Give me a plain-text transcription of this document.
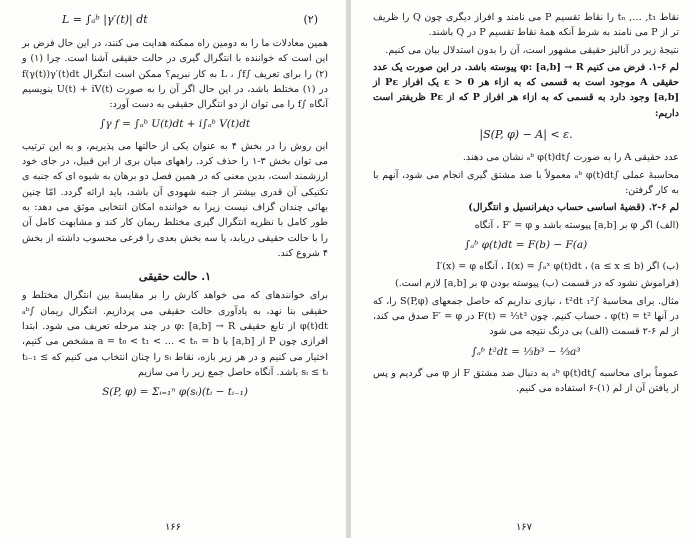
L = ∫ₐᵇ |γ′(t)| dt	(۲)

همین معادلات ما را به دومین راه ممکنه هدایت می کنند، در این حال فرض بر این است که خواننده با انتگرال گیری در حالت حقیقی آشنا است. چرا (۱) و (۲) را برای تعریف ∫L ، ∫f به کار نبریم؟ ممکن است انتگرال f(γ(t))γ′(t)dt در (۱) مختلط باشد، در این حال اگر آن را به صورت U(t) + iV(t) بنویسیم آنگاه ∫f را می توان از دو انتگرال حقیقی به دست آورد:

∫γ f = ∫ₐᵇ U(t)dt + i∫ₐᵇ V(t)dt

این روش را در بخش ۴ به عنوان یکی از حالتها می پذیریم، و به این ترتیب می توان بخش ۳-۱ را حذف کرد. راههای میان بری از این قبیل، در جای خود ارزشمند است، بدین معنی که در همین فصل دو برهان به شیوه ای که جنبه ی تکنیکی آن قدری بیشتر از جنبه شهودی آن باشد، باید ارائه گردد. امّا چنین بهائی چندان گزاف نیست زیرا به خواننده امکان انتخابی موثق می دهد: به طور کامل با نظریه انتگرال گیری مختلط ریمان کار کند و مشابهت کامل آن را با حالت حقیقی دریابد، یا سه بخش بعدی را فرعی محسوب داشته از بخش ۴ شروع کند.

۱. حالت حقیقی

برای خوانندهای که می خواهد کارش را بر مقایسهٔ بین انتگرال مختلط و حقیقی بنا نهد، به یادآوری حالت حقیقی می پردازیم. انتگرال ریمان ∫ₐᵇ φ(t)dt از تابع حقیقی φ: [a,b] → R در چند مرحله تعریف می شود. ابتدا افرازی چون P از [a,b] با a = t₀ < t₁ < … < tₙ = b مشخص می کنیم، اختیار می کنیم و در هر زیر بازه، نقاط sᵢ را چنان انتخاب می کنیم که tᵢ₋₁ ≤ sᵢ ≤ tᵢ باشد. آنگاه حاصل جمع زیر را می سازیم

S(P, φ) = Σᵢ₌₁ⁿ φ(sᵢ)(tᵢ − tᵢ₋₁)
۱۶۶

نقاط tₙ ,… ,t₁ را نقاط تقسیم P می نامند و افراز دیگری چون Q را ظریف تر از P می نامند به شرط آنکه همهٔ نقاط تقسیم P در Q باشند.

نتیجهٔ زیر در آنالیز حقیقی مشهور است، آن را بدون استدلال بیان می کنیم.

لم ۶-۱. فرض می کنیم φ: [a,b] → R پیوسته باشد. در این صورت یک عدد حقیقی A موجود است به قسمی که به ازاء هر ε > 0 یک افراز Pε از [a,b] وجود دارد به قسمی که به ازاء هر افراز P که از Pε ظریفتر است داریم:

|S(P, φ) − A| < ε.

عدد حقیقی A را به صورت ∫ₐᵇ φ(t)dt نشان می دهند.

محاسبهٔ عملی ∫ₐᵇ φ(t)dt معمولاً با ضد مشتق گیری انجام می شود، آنهم با به کار گرفتن:

لم ۶-۲. (قضیهٔ اساسی حساب دیفرانسیل و انتگرال)

(الف) اگر φ بر [a,b] پیوسته باشد و F′ = φ ، آنگاه

∫ₐᵇ φ(t)dt = F(b) − F(a)

(ب) اگر I(x) = ∫ₐˣ φ(t)dt ، (a ≤ x ≤ b) ، آنگاه I′(x) = φ

(فراموش نشود که در قسمت (ب) پیوسته بودن φ بر [a,b] لازم است.)

مثال. برای محاسبهٔ ∫₁² t²dt ، نیازی نداریم که حاصل جمعهای S(P,φ) را، که در آنها φ(t) = t² ، حساب کنیم. چون F(t) = ⅓t³ در F′ = φ صدق می کند، از لم ۶-۲ قسمت (الف) بی درنگ نتیجه می شود

∫ₐᵇ t²dt = ⅓b³ − ⅓a³

عموماً برای محاسبه ∫ₐᵇ φ(t)dt به دنبال ضد مشتق F از φ می گردیم و پس از یافتن آن از لم (۱)-۶ استفاده می کنیم.

۱۶۷
